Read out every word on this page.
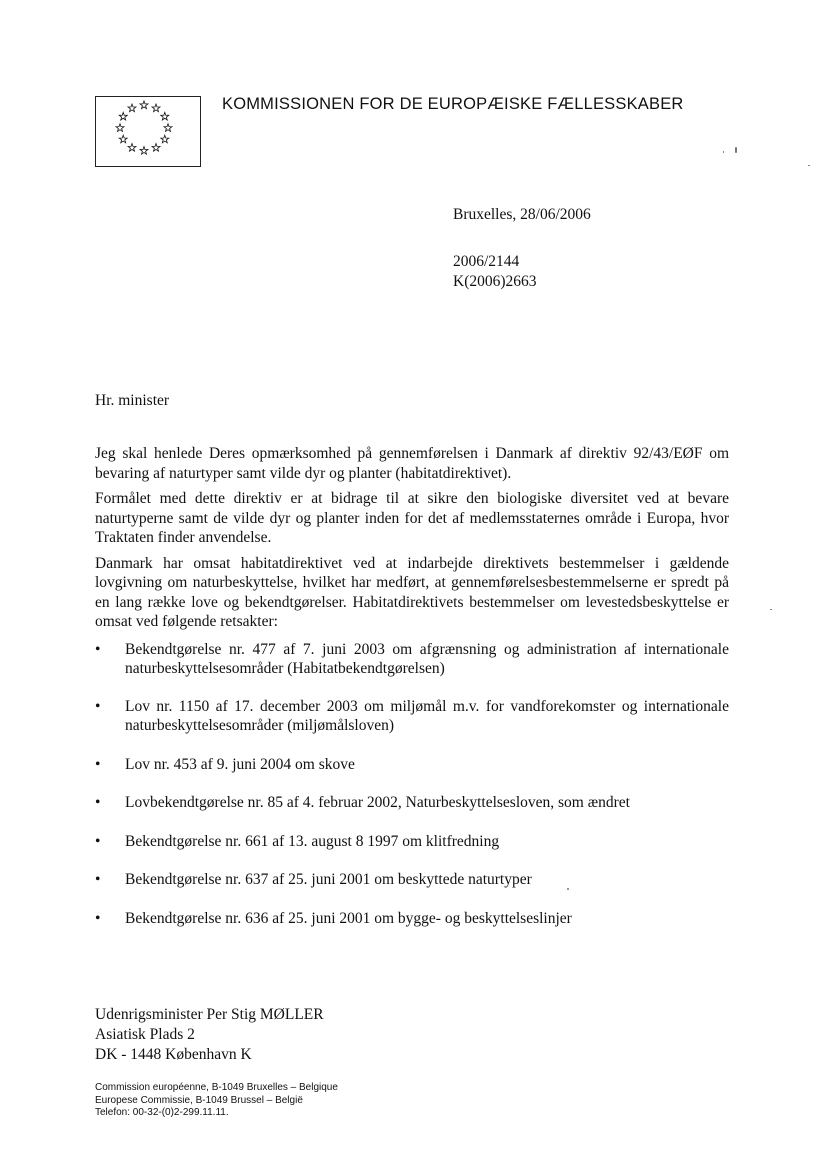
KOMMISSIONEN FOR DE EUROPÆISKE FÆLLESSKABER
Bruxelles, 28/06/2006
2006/2144
K(2006)2663
Hr. minister

Jeg skal henlede Deres opmærksomhed på gennemførelsen i Danmark af direktiv 92/43/EØF om bevaring af naturtyper samt vilde dyr og planter (habitatdirektivet).

Formålet med dette direktiv er at bidrage til at sikre den biologiske diversitet ved at bevare naturtyperne samt de vilde dyr og planter inden for det af medlemsstaternes område i Europa, hvor Traktaten finder anvendelse.

Danmark har omsat habitatdirektivet ved at indarbejde direktivets bestemmelser i gældende lovgivning om naturbeskyttelse, hvilket har medført, at gennemførelsesbestemmelserne er spredt på en lang række love og bekendtgørelser. Habitatdirektivets bestemmelser om levestedsbeskyttelse er omsat ved følgende retsakter:

•	Bekendtgørelse nr. 477 af 7. juni 2003 om afgrænsning og administration af internationale naturbeskyttelsesområder (Habitatbekendtgørelsen)
•	Lov nr. 1150 af 17. december 2003 om miljømål m.v. for vandforekomster og internationale naturbeskyttelsesområder (miljømålsloven)
•	Lov nr. 453 af 9. juni 2004 om skove
•	Lovbekendtgørelse nr. 85 af 4. februar 2002, Naturbeskyttelsesloven, som ændret
•	Bekendtgørelse nr. 661 af 13. august 8 1997 om klitfredning
•	Bekendtgørelse nr. 637 af 25. juni 2001 om beskyttede naturtyper
•	Bekendtgørelse nr. 636 af 25. juni 2001 om bygge- og beskyttelseslinjer
Udenrigsminister Per Stig MØLLER
Asiatisk Plads 2
DK - 1448 København K
Commission européenne, B-1049 Bruxelles – Belgique
Europese Commissie, B-1049 Brussel – België
Telefon: 00-32-(0)2-299.11.11.
